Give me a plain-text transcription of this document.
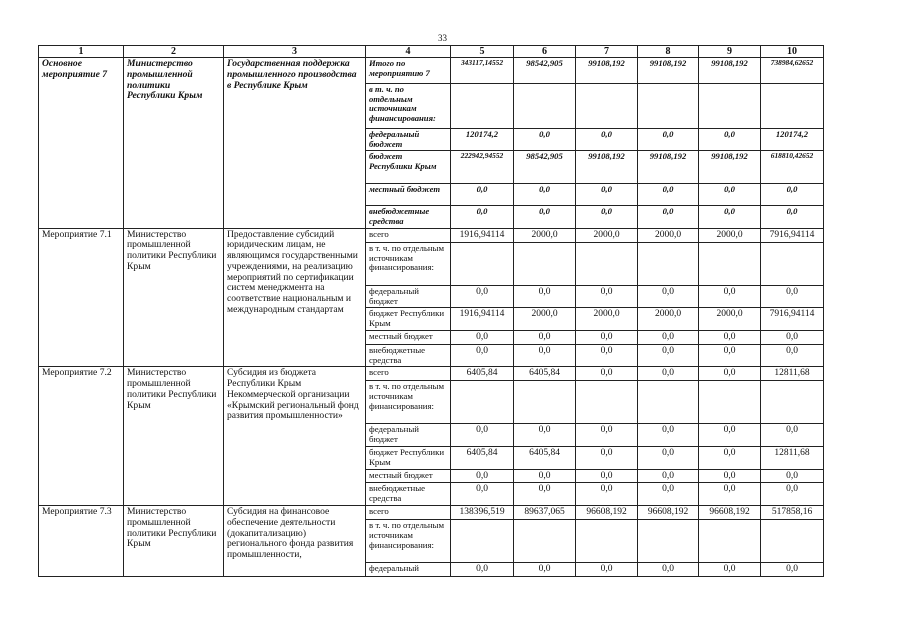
33
1	2	3	4	5	6	7	8	9	10
Основное мероприятие 7	Министерство промышленной политики Республики Крым	Государственная поддержка промышленного производства в Республике Крым	Итого по мероприятию 7	343117,14552	98542,905	99108,192	99108,192	99108,192	738984,62652
			в т. ч. по отдельным источникам финансирования:						
			федеральный бюджет	120174,2	0,0	0,0	0,0	0,0	120174,2
			бюджет Республики Крым	222942,94552	98542,905	99108,192	99108,192	99108,192	618810,42652
			местный бюджет	0,0	0,0	0,0	0,0	0,0	0,0
			внебюджетные средства	0,0	0,0	0,0	0,0	0,0	0,0
Мероприятие 7.1	Министерство промышленной политики Республики Крым	Предоставление субсидий юридическим лицам, не являющимся государственными учреждениями, на реализацию мероприятий по сертификации систем менеджмента на соответствие национальным и международным стандартам	всего	1916,94114	2000,0	2000,0	2000,0	2000,0	7916,94114
			в т. ч. по отдельным источникам финансирования:						
			федеральный бюджет	0,0	0,0	0,0	0,0	0,0	0,0
			бюджет Республики Крым	1916,94114	2000,0	2000,0	2000,0	2000,0	7916,94114
			местный бюджет	0,0	0,0	0,0	0,0	0,0	0,0
			внебюджетные средства	0,0	0,0	0,0	0,0	0,0	0,0
Мероприятие 7.2	Министерство промышленной политики Республики Крым	Субсидия из бюджета Республики Крым Некоммерческой организации «Крымский региональный фонд развития промышленности»	всего	6405,84	6405,84	0,0	0,0	0,0	12811,68
			в т. ч. по отдельным источникам финансирования:						
			федеральный бюджет	0,0	0,0	0,0	0,0	0,0	0,0
			бюджет Республики Крым	6405,84	6405,84	0,0	0,0	0,0	12811,68
			местный бюджет	0,0	0,0	0,0	0,0	0,0	0,0
			внебюджетные средства	0,0	0,0	0,0	0,0	0,0	0,0
Мероприятие 7.3	Министерство промышленной политики Республики Крым	Субсидия на финансовое обеспечение деятельности (докапитализацию) регионального фонда развития промышленности,	всего	138396,519	89637,065	96608,192	96608,192	96608,192	517858,16
			в т. ч. по отдельным источникам финансирования:						
			федеральный	0,0	0,0	0,0	0,0	0,0	0,0
